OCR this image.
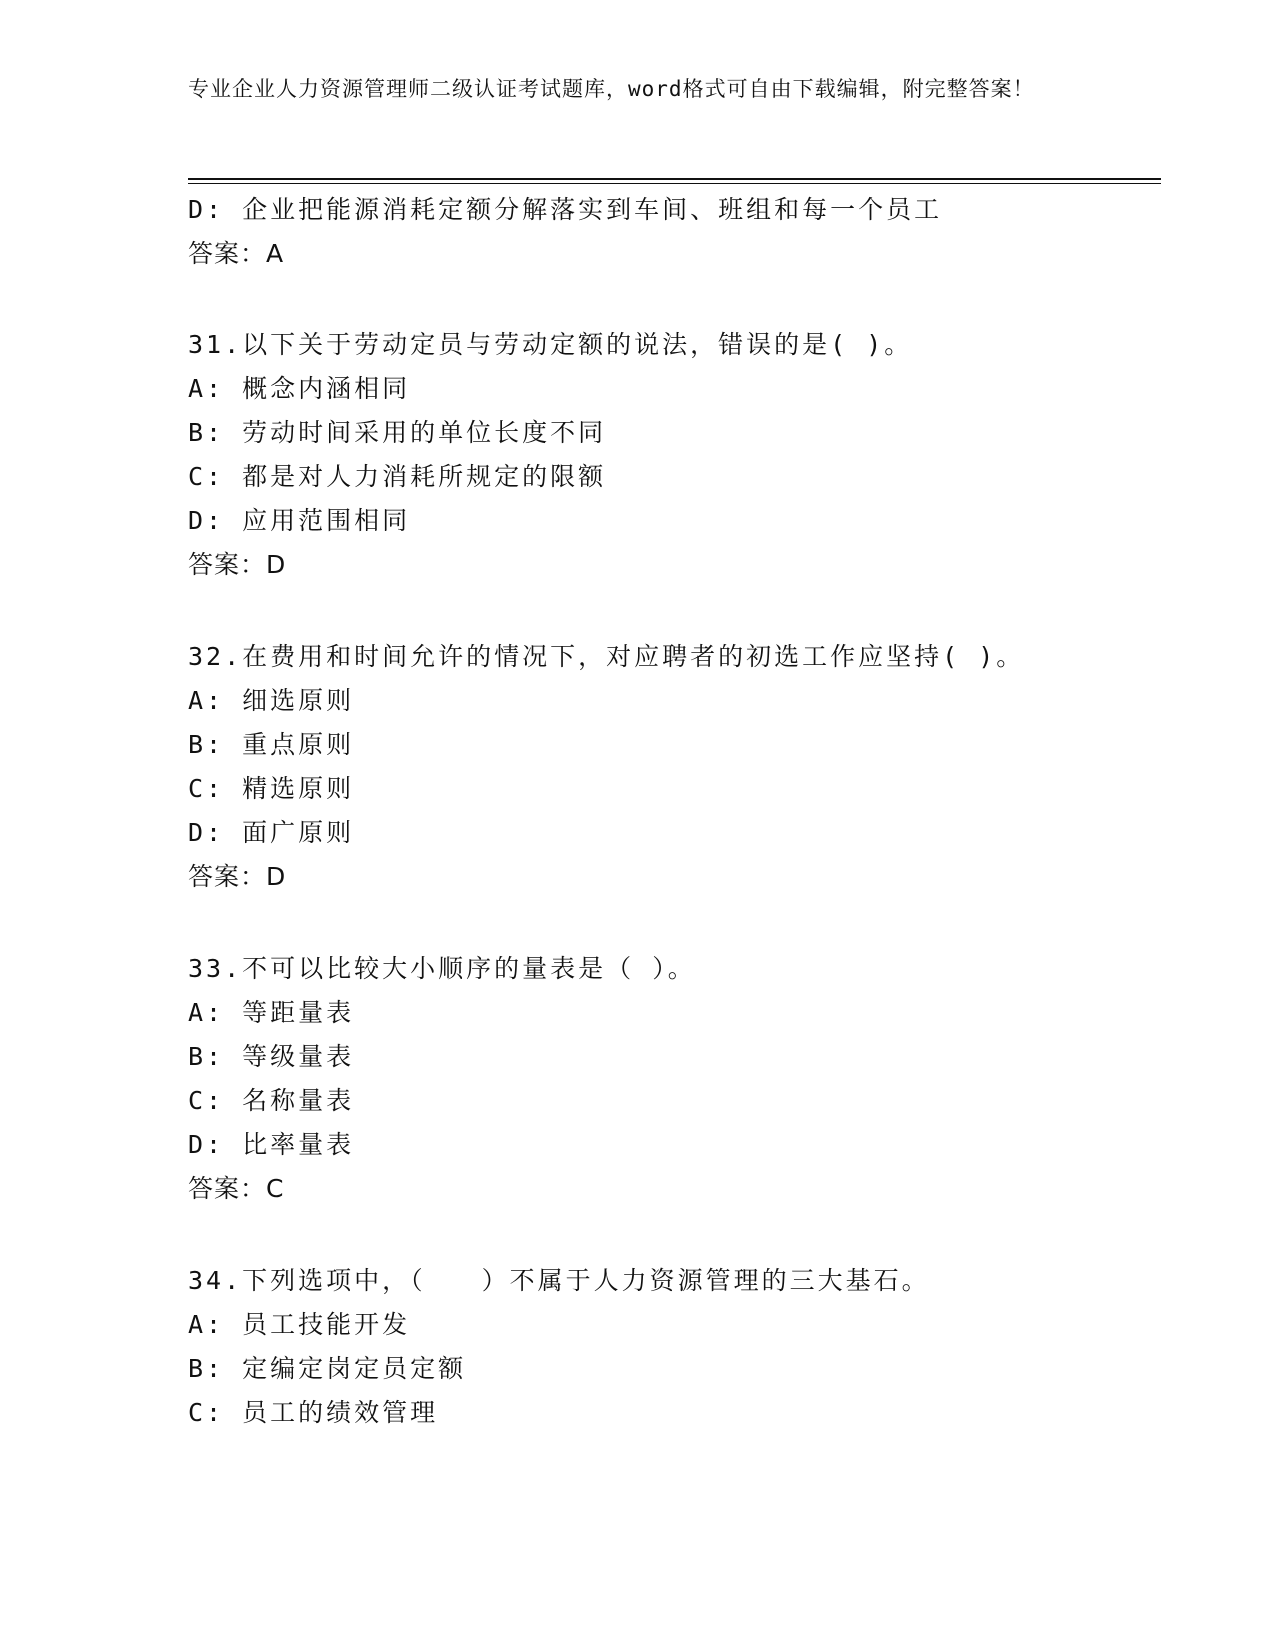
专业企业人力资源管理师二级认证考试题库，word格式可自由下载编辑，附完整答案！
D: 企业把能源消耗定额分解落实到车间、班组和每一个员工
答案：A
31.以下关于劳动定员与劳动定额的说法，错误的是( )。
A: 概念内涵相同
B: 劳动时间采用的单位长度不同
C: 都是对人力消耗所规定的限额
D: 应用范围相同
答案：D
32.在费用和时间允许的情况下，对应聘者的初选工作应坚持( )。
A: 细选原则
B: 重点原则
C: 精选原则
D: 面广原则
答案：D
33.不可以比较大小顺序的量表是（ ）。
A: 等距量表
B: 等级量表
C: 名称量表
D: 比率量表
答案：C
34.下列选项中，（　　）不属于人力资源管理的三大基石。
A: 员工技能开发
B: 定编定岗定员定额
C: 员工的绩效管理
